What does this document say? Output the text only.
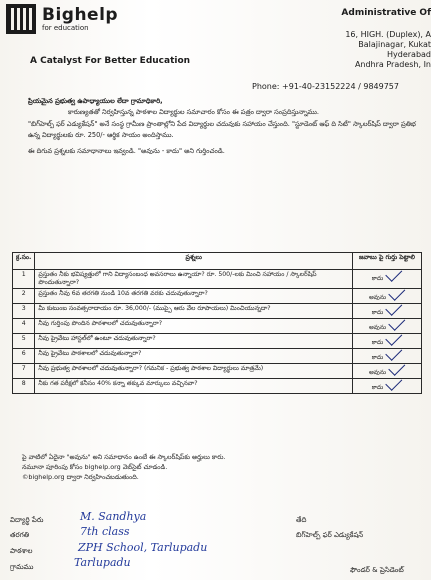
Bighelp
for education
A Catalyst For Better Education
Administrative Of
16, HIGH. (Duplex), A
Balajinagar, Kukat
Hyderabad
Andhra Pradesh, In
Phone: +91-40-23152224 / 9849757

ప్రియమైన ప్రభుత్వ ఉపాధ్యాయుల లేదా గ్రామాధికారి,

కారుణ్యతతో నిర్వహిస్తున్న పాఠశాల విద్యార్థుల సమాచారం కోసం ఈ పత్రం ద్వారా సంప్రదిస్తున్నాము.

"బిగ్‌హెల్ప్ ఫర్ ఎడ్యుకేషన్" అనే సంస్థ గ్రామీణ ప్రాంతాల్లోని పేద విద్యార్థుల చదువుకు సహాయం చేస్తుంది. "స్టూడెంట్ ఆఫ్ ది సిటీ" స్కాలర్‌షిప్ ద్వారా ప్రతిభ ఉన్న విద్యార్థులకు రూ. 250/- ఆర్థిక సాయం అందిస్తాము.

ఈ దిగువ ప్రశ్నలకు సమాధానాలు ఇవ్వండి. "అవును - కాదు" అని గుర్తించండి.

క్ర.సం.	ప్రశ్నలు	జవాబు పై గుర్తు పెట్టాలి
1	ప్రస్తుతం నీకు భవిష్యత్తులో గాని విద్యాసంబంధ అవసరాలు ఉన్నాయా? రూ. 500/-లకు మించి సహాయం / స్కాలర్‌షిప్ పొందుతున్నారా?	కాదు
2	ప్రస్తుతం నీవు 6వ తరగతి నుండి 10వ తరగతి వరకు చదువుతున్నారా?	అవును
3	మీ కుటుంబ సంవత్సరాదాయం రూ. 36,000/- (ముప్పై ఆరు వేల రూపాయలు) మించియున్నదా?	కాదు
4	నీవు గుర్తింపు పొందిన పాఠశాలలో చదువుతున్నారా?	అవును
5	నీవు ప్రైవేటు హాస్టల్‌లో ఉంటూ చదువుతున్నారా?	కాదు
6	నీవు ప్రైవేటు పాఠశాలలో చదువుతున్నారా?	కాదు
7	నీవు ప్రభుత్వ పాఠశాలలో చదువుతున్నారా? (గమనిక - ప్రభుత్వ పాఠశాల విద్యార్థులు మాత్రమే)	అవును
8	నీకు గత పరీక్షలో కనీసం 40% కన్నా తక్కువ మార్కులు వచ్చినవా?	కాదు

పై వాటిలో ఏదైనా "అవును" అని సమాధానం ఉంటే ఈ స్కాలర్‌షిప్‌కు అర్హులు కారు.

నమూనా పూరింపు కోసం bighelp.org వెబ్‌సైట్ చూడండి.

©bighelp.org ద్వారా నిర్వహించబడుతుంది.

విద్యార్థి పేరు	M. Sandhya
తరగతి	7th class
పాఠశాల	ZPH School, Tarlupadu
గ్రామము	Tarlupadu
తేది
బిగ్‌హెల్ప్ ఫర్ ఎడ్యుకేషన్
ఫౌండర్ & ప్రెసిడెంట్
